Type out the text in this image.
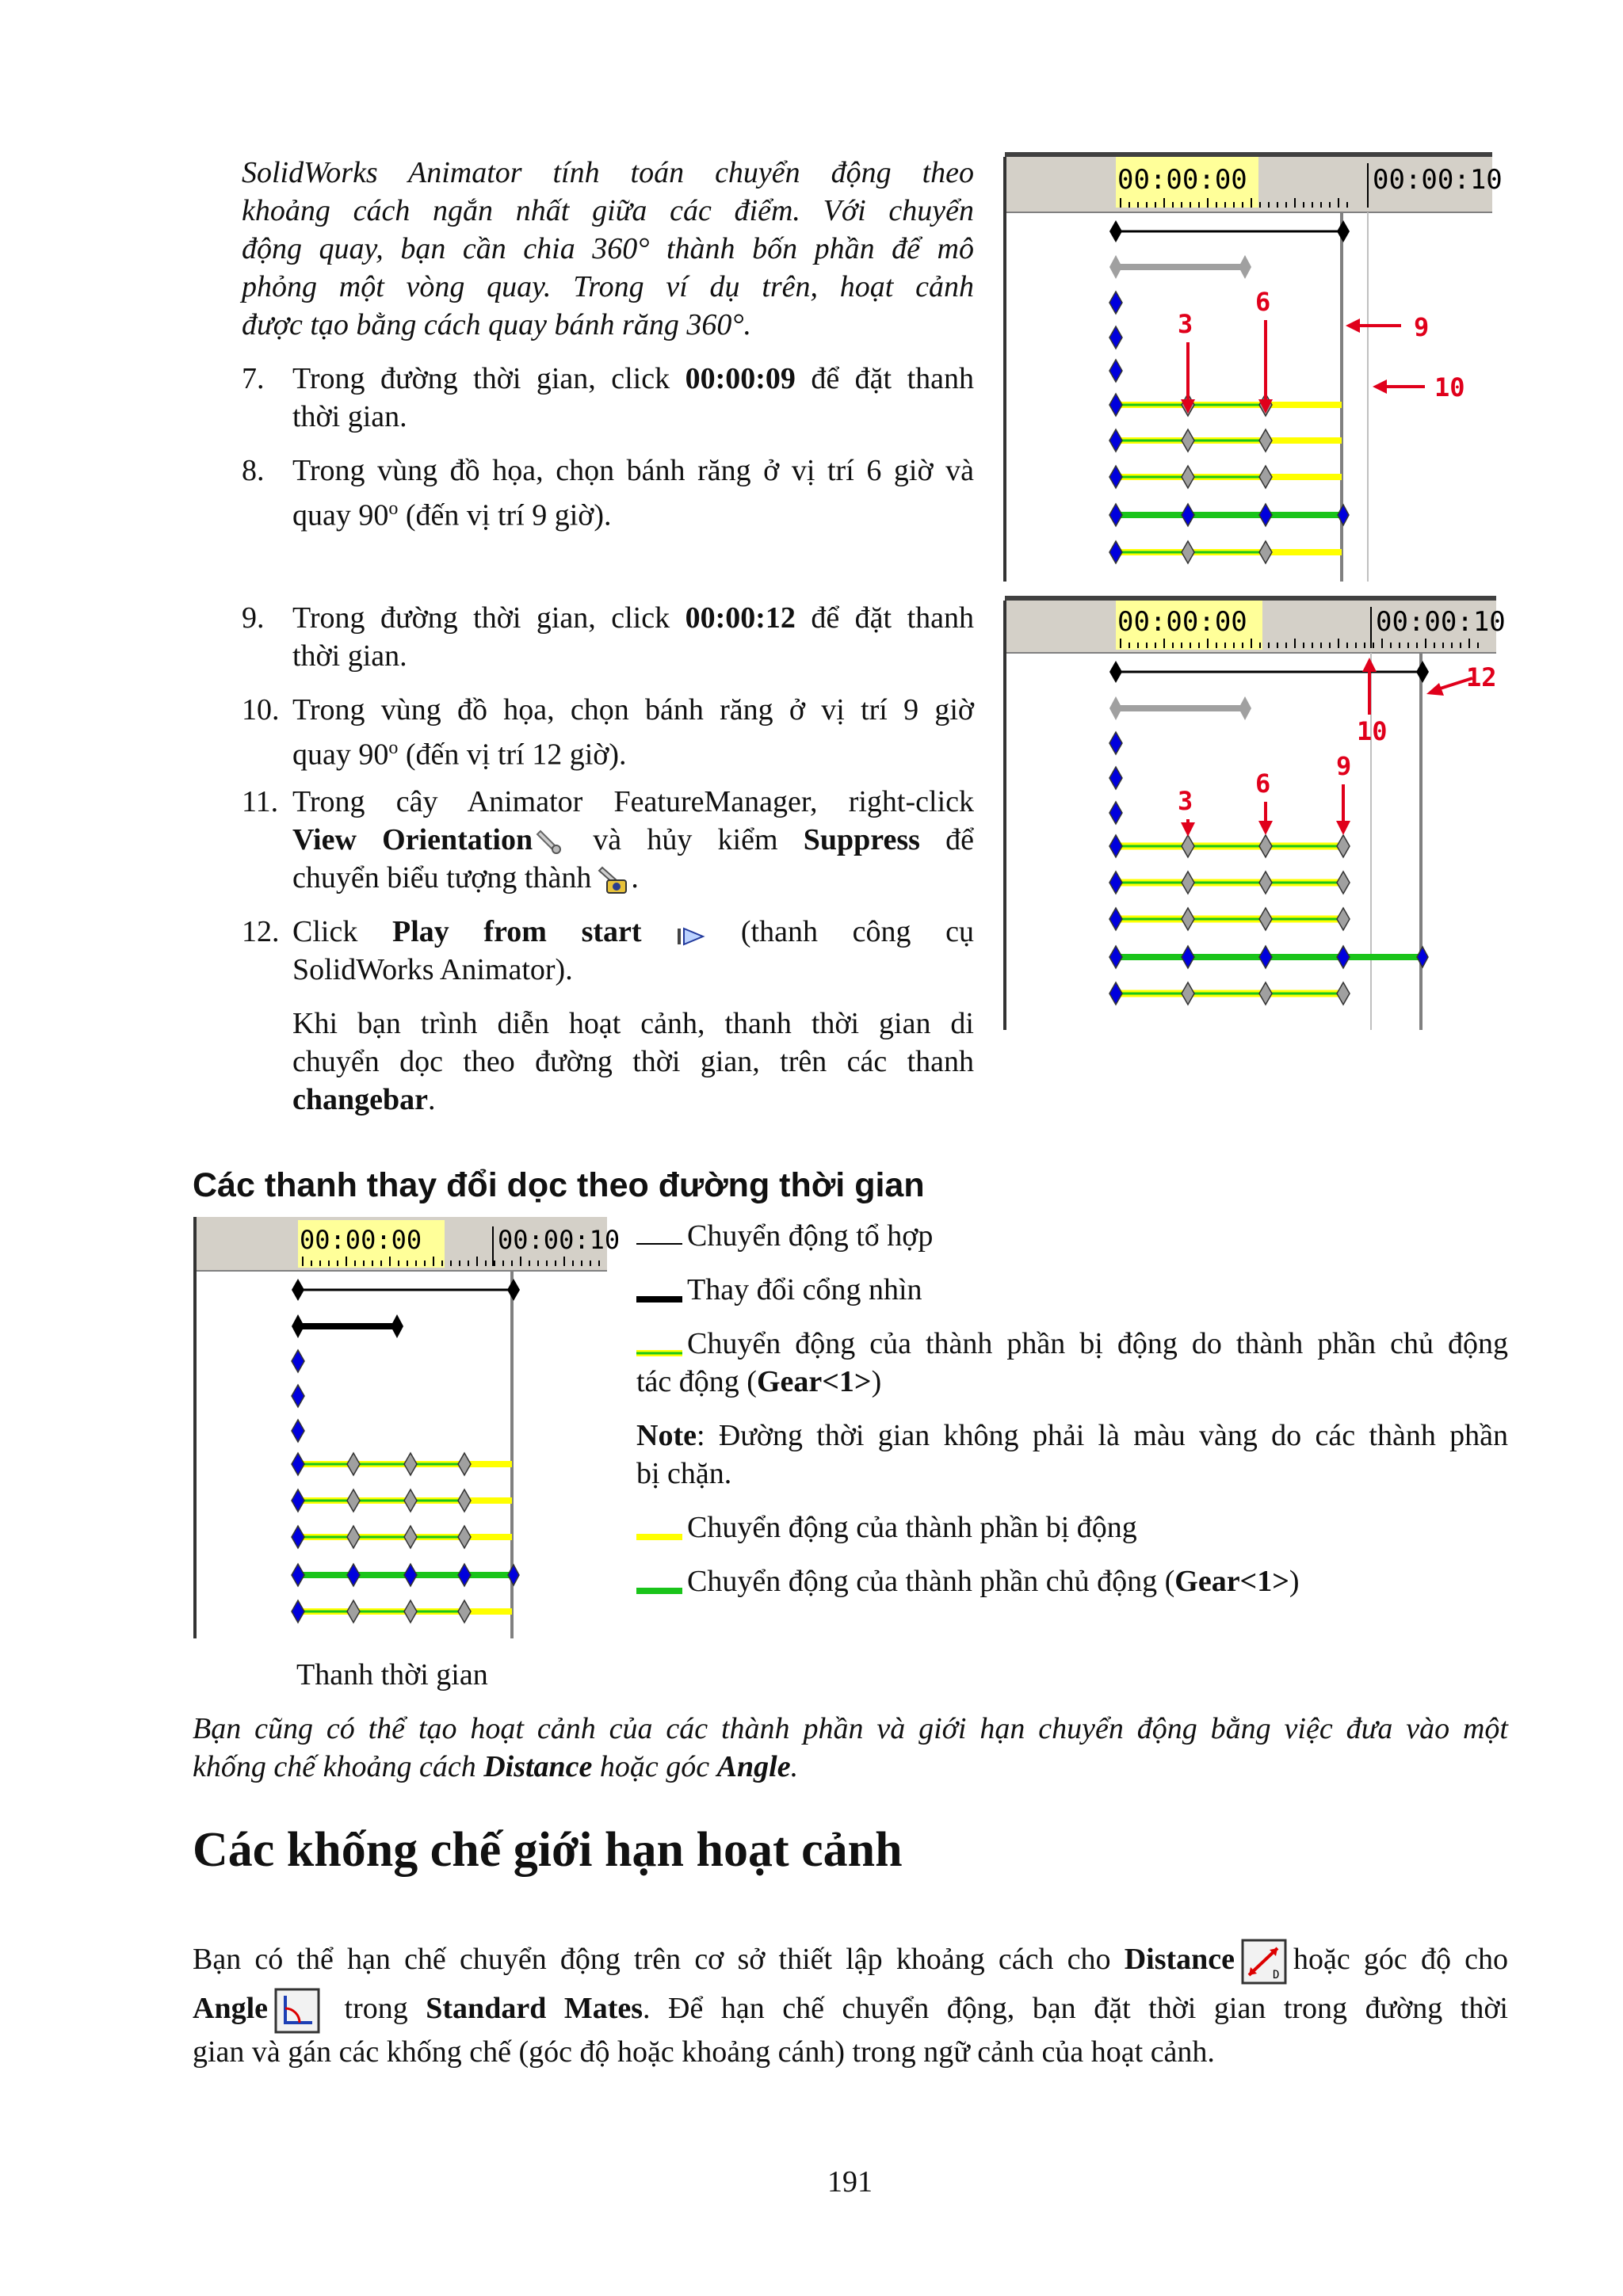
SolidWorks Animator tính toán chuyển động theo
khoảng cách ngắn nhất giữa các điểm. Với chuyển
động quay, bạn cần chia 360° thành bốn phần để mô
phỏng một vòng quay. Trong ví dụ trên, hoạt cảnh
được tạo bằng cách quay bánh răng 360°.
7. Trong đường thời gian, click 00:00:09 để đặt thanh
thời gian.
8. Trong vùng đồ họa, chọn bánh răng ở vị trí 6 giờ và
quay 90$^o$ (đến vị trí 9 giờ).
9. Trong đường thời gian, click 00:00:12 để đặt thanh
thời gian.
10. Trong vùng đồ họa, chọn bánh răng ở vị trí 9 giờ
quay 90$^o$ (đến vị trí 12 giờ).
11. Trong cây Animator FeatureManager, right-click
View Orientation và hủy kiểm Suppress để
chuyển biểu tượng thành .
12. Click Play from start	(thanh công cụ
SolidWorks Animator).
Khi bạn trình diễn hoạt cảnh, thanh thời gian di
chuyển dọc theo đường thời gian, trên các thanh
changebar.
Các thanh thay đổi dọc theo đường thời gian
Chuyển động tổ hợp
Thay đổi cổng nhìn
Chuyển động của thành phần bị động do thành phần chủ động
tác động (Gear<1>)
Note: Đường thời gian không phải là màu vàng do các thành phần
bị chặn.
Chuyển động của thành phần bị động
Chuyển động của thành phần chủ động (Gear<1>)
Thanh thời gian
Bạn cũng có thể tạo hoạt cảnh của các thành phần và giới hạn chuyển động bằng việc đưa vào một
khống chế khoảng cách Distance hoặc góc Angle.
Các khống chế giới hạn hoạt cảnh
Bạn có thể hạn chế chuyển động trên cơ sở thiết lập khoảng cách cho Distance	D hoặc góc độ cho
Angle trong Standard Mates. Để hạn chế chuyển động, bạn đặt thời gian trong đường thời
gian và gán các khống chế (góc độ hoặc khoảng cánh) trong ngữ cảnh của hoạt cảnh.
191
00:00:00	00:00:10
3
6
9
10
00:00:00	00:00:10
12
10
9
6
3
00:00:00	00:00:10
